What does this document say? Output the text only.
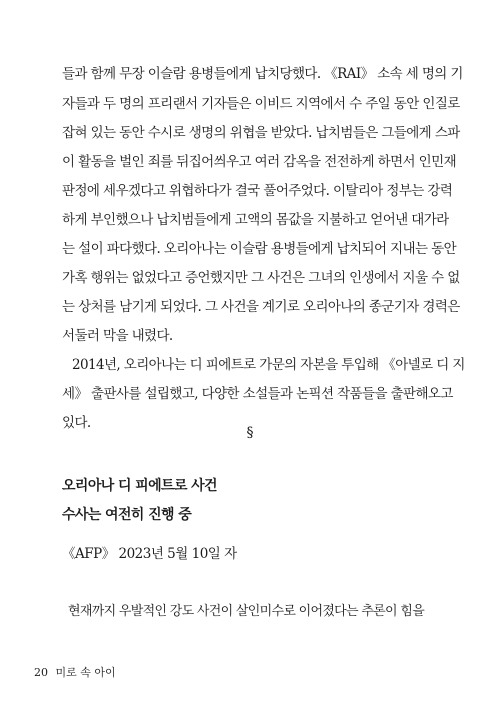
들과 함께 무장 이슬람 용병들에게 납치당했다. 《RAI》 소속 세 명의 기
자들과 두 명의 프리랜서 기자들은 이비드 지역에서 수 주일 동안 인질로
잡혀 있는 동안 수시로 생명의 위협을 받았다. 납치범들은 그들에게 스파
이 활동을 벌인 죄를 뒤집어씌우고 여러 감옥을 전전하게 하면서 인민재
판정에 세우겠다고 위협하다가 결국 풀어주었다. 이탈리아 정부는 강력
하게 부인했으나 납치범들에게 고액의 몸값을 지불하고 얻어낸 대가라
는 설이 파다했다. 오리아나는 이슬람 용병들에게 납치되어 지내는 동안
가혹 행위는 없었다고 증언했지만 그 사건은 그녀의 인생에서 지울 수 없
는 상처를 남기게 되었다. 그 사건을 계기로 오리아나의 종군기자 경력은
서둘러 막을 내렸다.
2014년, 오리아나는 디 피에트로 가문의 자본을 투입해 《아넬로 디 지
세》 출판사를 설립했고, 다양한 소설들과 논픽션 작품들을 출판해오고
있다.
§
오리아나 디 피에트로 사건
수사는 여전히 진행 중
《AFP》 2023년 5월 10일 자
현재까지 우발적인 강도 사건이 살인미수로 이어졌다는 추론이 힘을
20 미로 속 아이
